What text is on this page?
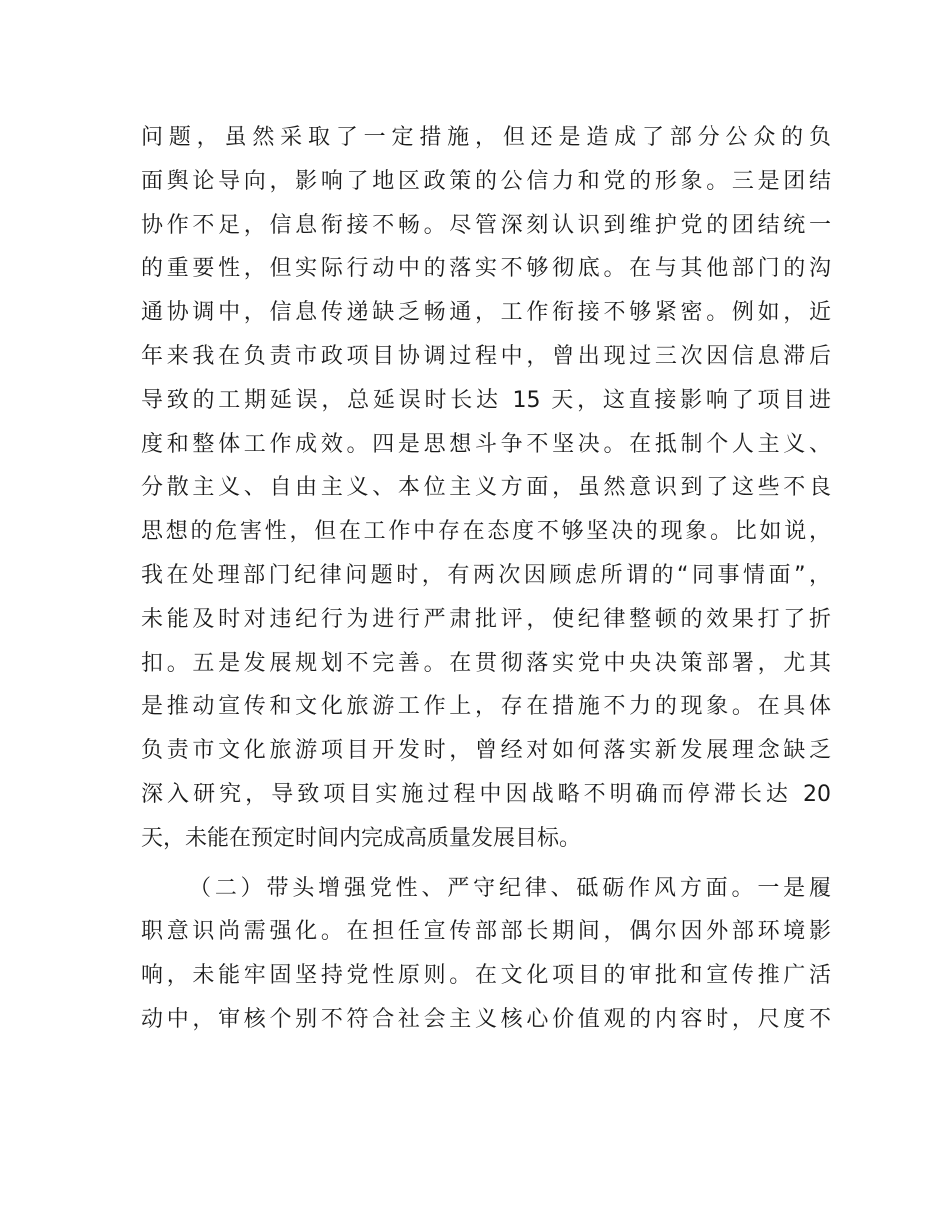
问题，虽然采取了一定措施，但还是造成了部分公众的负
面舆论导向，影响了地区政策的公信力和党的形象。三是团结
协作不足，信息衔接不畅。尽管深刻认识到维护党的团结统一
的重要性，但实际行动中的落实不够彻底。在与其他部门的沟
通协调中，信息传递缺乏畅通，工作衔接不够紧密。例如，近
年来我在负责市政项目协调过程中，曾出现过三次因信息滞后
导致的工期延误，总延误时长达 15 天，这直接影响了项目进
度和整体工作成效。四是思想斗争不坚决。在抵制个人主义、
分散主义、自由主义、本位主义方面，虽然意识到了这些不良
思想的危害性，但在工作中存在态度不够坚决的现象。比如说，
我在处理部门纪律问题时，有两次因顾虑所谓的“同事情面”，
未能及时对违纪行为进行严肃批评，使纪律整顿的效果打了折
扣。五是发展规划不完善。在贯彻落实党中央决策部署，尤其
是推动宣传和文化旅游工作上，存在措施不力的现象。在具体
负责市文化旅游项目开发时，曾经对如何落实新发展理念缺乏
深入研究，导致项目实施过程中因战略不明确而停滞长达 20
天，未能在预定时间内完成高质量发展目标。
（二）带头增强党性、严守纪律、砥砺作风方面。一是履
职意识尚需强化。在担任宣传部部长期间，偶尔因外部环境影
响，未能牢固坚持党性原则。在文化项目的审批和宣传推广活
动中，审核个别不符合社会主义核心价值观的内容时，尺度不
